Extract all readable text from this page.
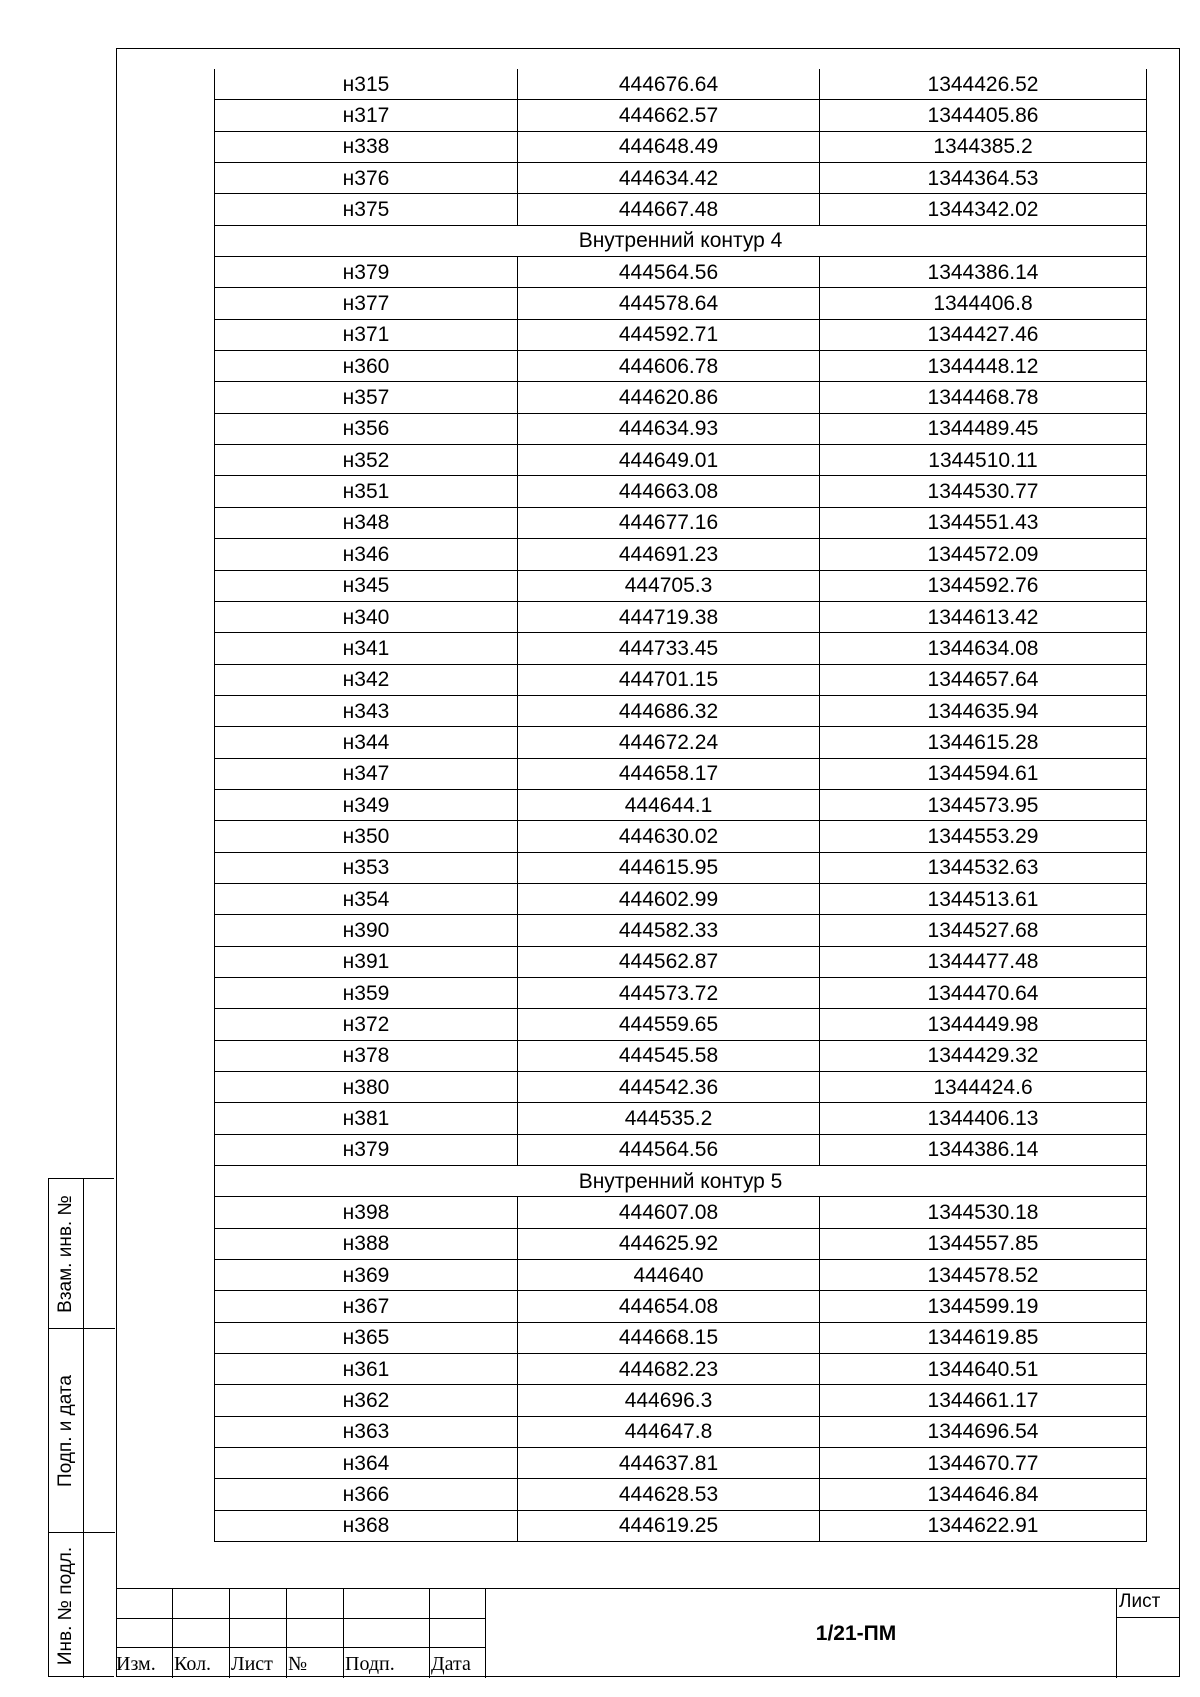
н315	444676.64	1344426.52
н317	444662.57	1344405.86
н338	444648.49	1344385.2
н376	444634.42	1344364.53
н375	444667.48	1344342.02
Внутренний контур 4		
н379	444564.56	1344386.14
н377	444578.64	1344406.8
н371	444592.71	1344427.46
н360	444606.78	1344448.12
н357	444620.86	1344468.78
н356	444634.93	1344489.45
н352	444649.01	1344510.11
н351	444663.08	1344530.77
н348	444677.16	1344551.43
н346	444691.23	1344572.09
н345	444705.3	1344592.76
н340	444719.38	1344613.42
н341	444733.45	1344634.08
н342	444701.15	1344657.64
н343	444686.32	1344635.94
н344	444672.24	1344615.28
н347	444658.17	1344594.61
н349	444644.1	1344573.95
н350	444630.02	1344553.29
н353	444615.95	1344532.63
н354	444602.99	1344513.61
н390	444582.33	1344527.68
н391	444562.87	1344477.48
н359	444573.72	1344470.64
н372	444559.65	1344449.98
н378	444545.58	1344429.32
н380	444542.36	1344424.6
н381	444535.2	1344406.13
н379	444564.56	1344386.14
Внутренний контур 5		
н398	444607.08	1344530.18
н388	444625.92	1344557.85
н369	444640	1344578.52
н367	444654.08	1344599.19
н365	444668.15	1344619.85
н361	444682.23	1344640.51
н362	444696.3	1344661.17
н363	444647.8	1344696.54
н364	444637.81	1344670.77
н366	444628.53	1344646.84
н368	444619.25	1344622.91
Взам. инв. №
Подп. и дата
Инв. № подл. Изм. Кол. Лист № Подп. Дата
1/21-ПМ
Лист
